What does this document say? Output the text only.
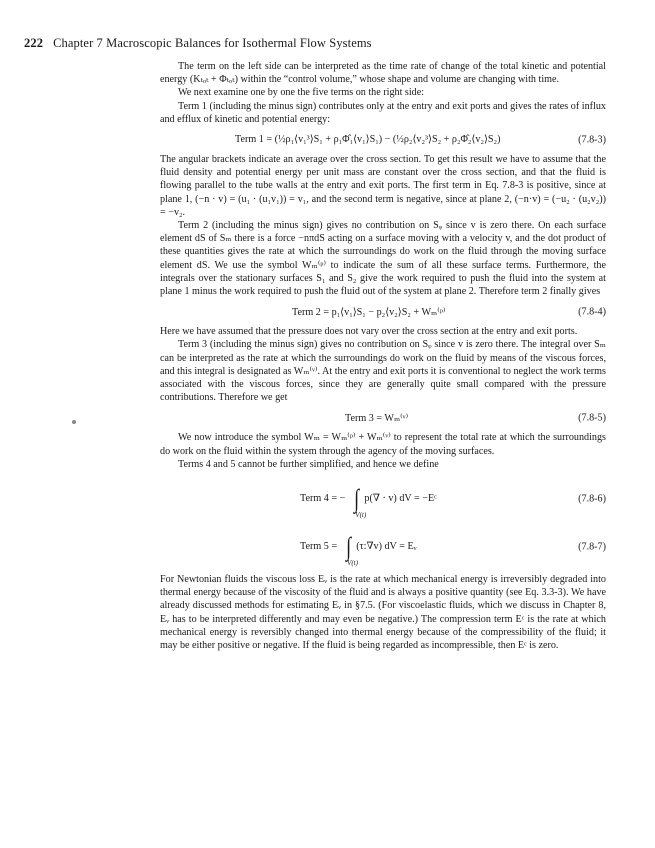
222 Chapter 7 Macroscopic Balances for Isothermal Flow Systems

The term on the left side can be interpreted as the time rate of change of the total kinetic and potential energy (Kₜₒₜ + Φₜₒₜ) within the “control volume,” whose shape and volume are changing with time.

We next examine one by one the five terms on the right side:

Term 1 (including the minus sign) contributes only at the entry and exit ports and gives the rates of influx and efflux of kinetic and potential energy:

Term 1 = (½ρ₁⟨v₁³⟩S₁ + ρ₁Φ̂₁⟨v₁⟩S₁) − (½ρ₂⟨v₂³⟩S₂ + ρ₂Φ̂₂⟨v₂⟩S₂)	(7.8-3)

The angular brackets indicate an average over the cross section. To get this result we have to assume that the fluid density and potential energy per unit mass are constant over the cross section, and that the fluid is flowing parallel to the tube walls at the entry and exit ports. The first term in Eq. 7.8-3 is positive, since at plane 1, (−n · v) = (u₁ · (u₁v₁)) = v₁, and the second term is negative, since at plane 2, (−n·v) = (−u₂ · (u₂v₂)) = −v₂.

Term 2 (including the minus sign) gives no contribution on Sᵩ since v is zero there. On each surface element dS of Sₘ there is a force −nπdS acting on a surface moving with a velocity v, and the dot product of these quantities gives the rate at which the surroundings do work on the fluid through the moving surface element dS. We use the symbol Wₘ⁽ᵖ⁾ to indicate the sum of all these surface terms. Furthermore, the integrals over the stationary surfaces S₁ and S₂ give the work required to push the fluid into the system at plane 1 minus the work required to push the fluid out of the system at plane 2. Therefore term 2 finally gives

Term 2 = p₁⟨v₁⟩S₁ − p₂⟨v₂⟩S₂ + Wₘ⁽ᵖ⁾	(7.8-4)

Here we have assumed that the pressure does not vary over the cross section at the entry and exit ports.

Term 3 (including the minus sign) gives no contribution on Sᵩ since v is zero there. The integral over Sₘ can be interpreted as the rate at which the surroundings do work on the fluid by means of the viscous forces, and this integral is designated as Wₘ⁽ᵛ⁾. At the entry and exit ports it is conventional to neglect the work terms associated with the viscous forces, since they are generally quite small compared with the pressure contributions. Therefore we get

Term 3 = Wₘ⁽ᵛ⁾	(7.8-5)

We now introduce the symbol Wₘ = Wₘ⁽ᵖ⁾ + Wₘ⁽ᵛ⁾ to represent the total rate at which the surroundings do work on the fluid within the system through the agency of the moving surfaces.

Terms 4 and 5 cannot be further simplified, and hence we define

Term 4 = − ∫
V(t)
p(∇ · v) dV = −Eᶜ	(7.8-6)
Term 5 = ∫
V(t)
(τ:∇v) dV = Eᵥ	(7.8-7)

For Newtonian fluids the viscous loss Eᵥ is the rate at which mechanical energy is irreversibly degraded into thermal energy because of the viscosity of the fluid and is always a positive quantity (see Eq. 3.3-3). We have already discussed methods for estimating Eᵥ in §7.5. (For viscoelastic fluids, which we discuss in Chapter 8, Eᵥ has to be interpreted differently and may even be negative.) The compression term Eᶜ is the rate at which mechanical energy is reversibly changed into thermal energy because of the compressibility of the fluid; it may be either positive or negative. If the fluid is being regarded as incompressible, then Eᶜ is zero.
